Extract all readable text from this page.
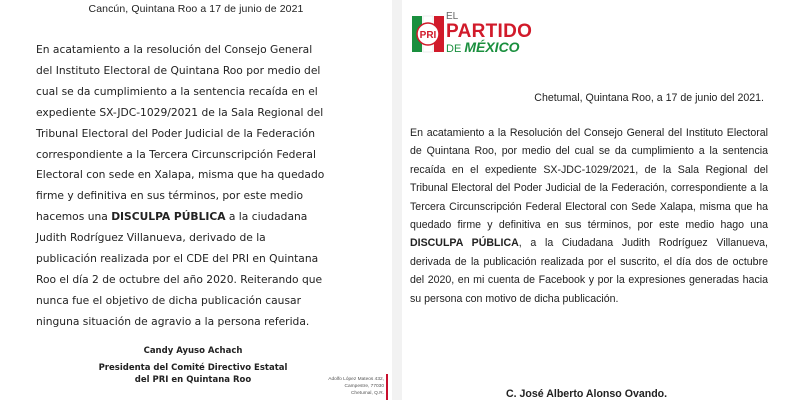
Cancún, Quintana Roo a 17 de junio de 2021
En acatamiento a la resolución del Consejo General
del Instituto Electoral de Quintana Roo por medio del
cual se da cumplimiento a la sentencia recaída en el
expediente SX-JDC-1029/2021 de la Sala Regional del
Tribunal Electoral del Poder Judicial de la Federación
correspondiente a la Tercera Circunscripción Federal
Electoral con sede en Xalapa, misma que ha quedado
firme y definitiva en sus términos, por este medio
hacemos una DISCULPA PÚBLICA a la ciudadana
Judith Rodríguez Villanueva, derivado de la
publicación realizada por el CDE del PRI en Quintana
Roo el día 2 de octubre del año 2020. Reiterando que
nunca fue el objetivo de dicha publicación causar
ninguna situación de agravio a la persona referida.
Candy Ayuso Achach
Presidenta del Comité Directivo Estatal
del PRI en Quintana Roo	Adolfo López Mateos 432,
Campestre, 77030
Chetumal, Q.R.
PRI
EL
PARTIDO
DE MÉXICO
Chetumal, Quintana Roo, a 17 de junio del 2021.
En acatamiento a la Resolución del Consejo General del Instituto Electoral de Quintana Roo, por medio del cual se da cumplimiento a la sentencia recaída en el expediente SX-JDC-1029/2021, de la Sala Regional del Tribunal Electoral del Poder Judicial de la Federación, correspondiente a la Tercera Circunscripción Federal Electoral con Sede Xalapa, misma que ha quedado firme y definitiva en sus términos, por este medio hago una DISCULPA PÚBLICA, a la Ciudadana Judith Rodríguez Villanueva, derivada de la publicación realizada por el suscrito, el día dos de octubre del 2020, en mi cuenta de Facebook y por la expresiones generadas hacia su persona con motivo de dicha publicación.
C. José Alberto Alonso Ovando.
